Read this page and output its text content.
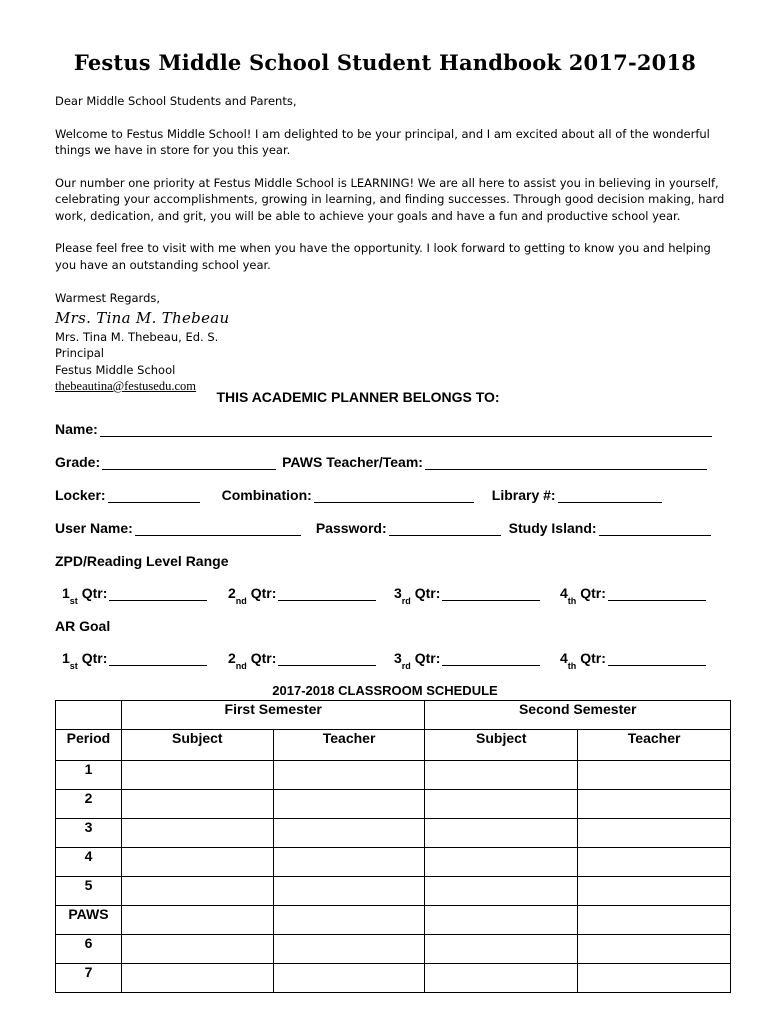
Festus Middle School Student Handbook 2017-2018

Dear Middle School Students and Parents,

Welcome to Festus Middle School! I am delighted to be your principal, and I am excited about all of the wonderful things we have in store for you this year.

Our number one priority at Festus Middle School is LEARNING! We are all here to assist you in believing in yourself, celebrating your accomplishments, growing in learning, and finding successes. Through good decision making, hard work, dedication, and grit, you will be able to achieve your goals and have a fun and productive school year.

Please feel free to visit with me when you have the opportunity. I look forward to getting to know you and helping you have an outstanding school year.

Warmest Regards,
Mrs. Tina M. Thebeau
Mrs. Tina M. Thebeau, Ed. S.
Principal
Festus Middle School
thebeautina@festusedu.com
THIS ACADEMIC PLANNER BELONGS TO:
Name:
Grade:	PAWS Teacher/Team:
Locker:	Combination:	Library #:
User Name:	Password:	Study Island:
ZPD/Reading Level Range
1 st
Qtr:	2 nd
Qtr:	3 rd
Qtr:	4 th
Qtr:
AR Goal
1 st
Qtr:	2 nd
Qtr:	3 rd
Qtr:	4 th
Qtr:
2017-2018 CLASSROOM SCHEDULE
	First Semester		Second Semester	
Period	Subject	Teacher	Subject	Teacher
1				
2				
3				
4				
5				
PAWS				
6				
7				
